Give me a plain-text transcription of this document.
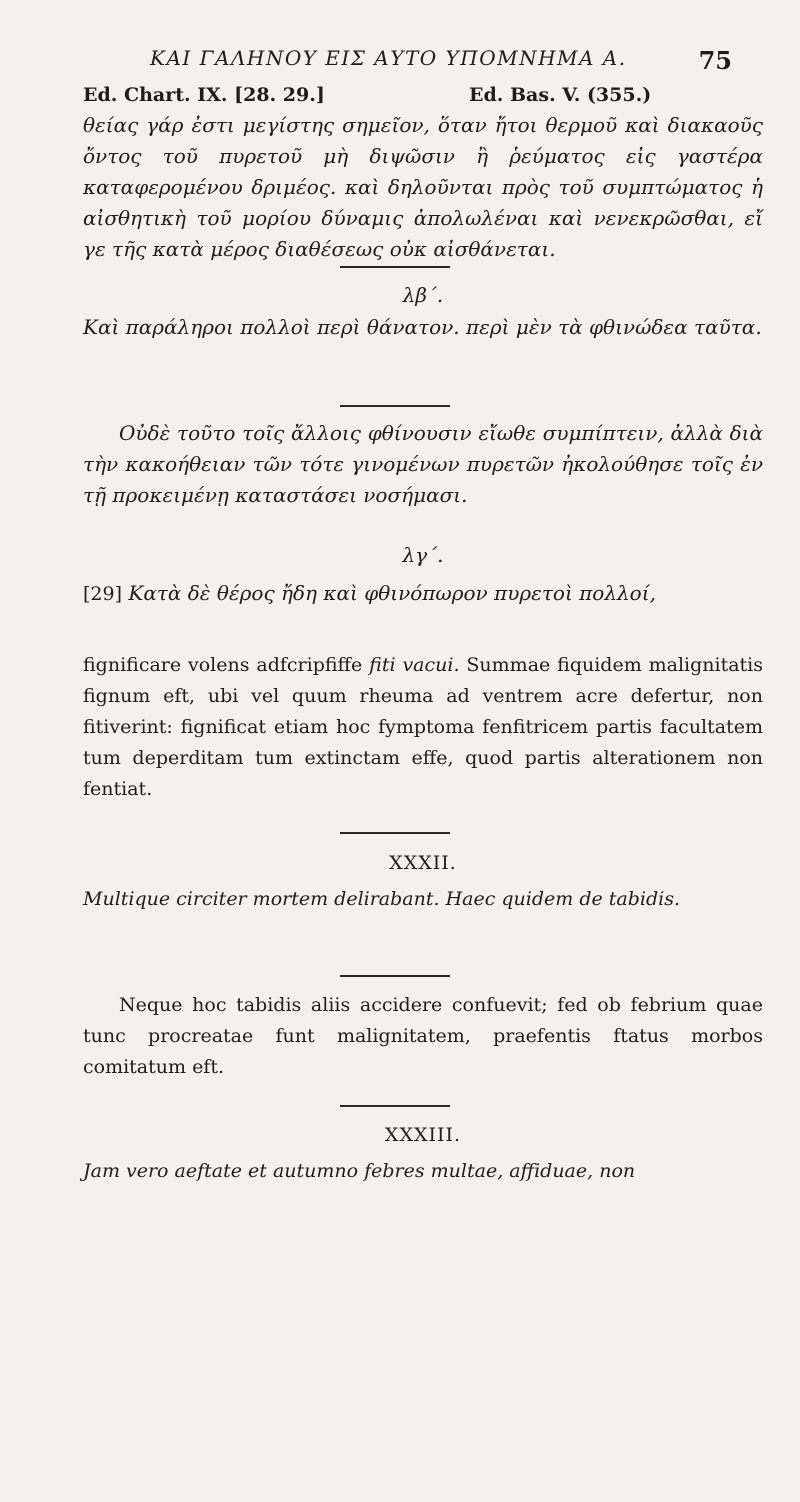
ΚΑΙ ΓΑΛΗΝΟΥ ΕΙΣ ΑΥΤΟ ΥΠΟΜΝΗΜΑ Α.	75
Ed. Chart. IX. [28. 29.]	Ed. Bas. V. (355.)

θείας γάρ ἐστι μεγίστης σημεῖον, ὅταν ἤτοι θερμοῦ καὶ διακαοῦς ὄντος τοῦ πυρετοῦ μὴ διψῶσιν ἢ ῥεύματος εἰς γαστέρα καταφερομένου δριμέος. καὶ δηλοῦνται πρὸς τοῦ συμπτώματος ἡ αἰσθητικὴ τοῦ μορίου δύναμις ἀπολωλέναι καὶ νενεκρῶσθαι, εἴ γε τῆς κατὰ μέρος διαθέσεως οὐκ αἰσθάνεται.

λβ΄.

Καὶ παράληροι πολλοὶ περὶ θάνατον. περὶ μὲν τὰ φθινώδεα ταῦτα.

Οὐδὲ τοῦτο τοῖς ἄλλοις φθίνουσιν εἴωθε συμπίπτειν, ἀλλὰ διὰ τὴν κακοήθειαν τῶν τότε γινομένων πυρετῶν ἠκολούθησε τοῖς ἐν τῇ προκειμένῃ καταστάσει νοσήμασι.

λγ΄.
[29] Κατὰ δὲ θέρος ἤδη καὶ φθινόπωρον πυρετοὶ πολλοί,

fignificare volens adfcripfiffe fiti vacui. Summae fiquidem malignitatis fignum eft, ubi vel quum rheuma ad ventrem acre defertur, non fitiverint: fignificat etiam hoc fymptoma fenfitricem partis facultatem tum deperditam tum extinctam effe, quod partis alterationem non fentiat.

XXXII.

Multique circiter mortem delirabant. Haec quidem de tabidis.

Neque hoc tabidis aliis accidere confuevit; fed ob febrium quae tunc procreatae funt malignitatem, praefentis ftatus morbos comitatum eft.

XXXIII.

Jam vero aeftate et autumno febres multae, affiduae, non
